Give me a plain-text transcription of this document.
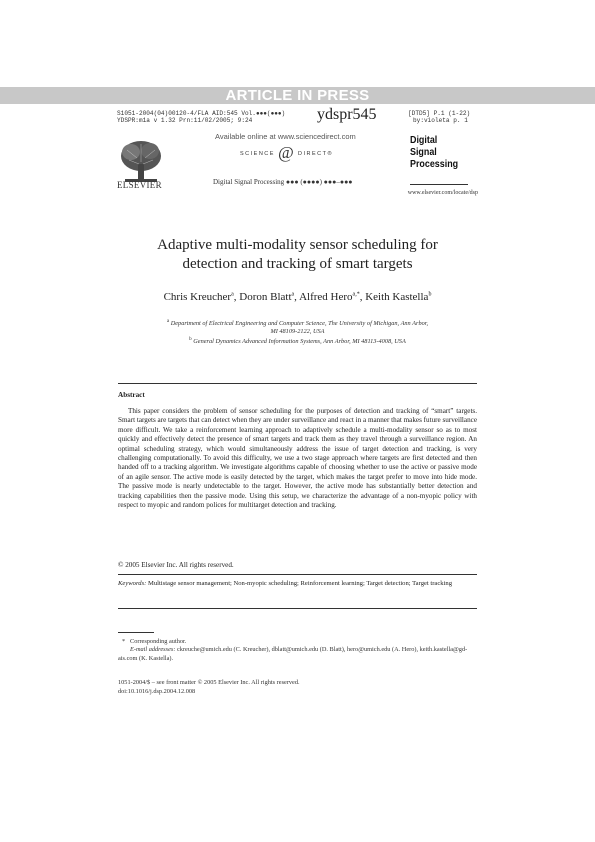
ARTICLE IN PRESS
S1051-2004(04)00120-4/FLA AID:545 Vol.●●●(●●●)
YDSPR:m1a v 1.32 Prn:11/02/2005; 9:24	ydspr545	[DTD5] P.1 (1-22)
by:violeta p. 1
ELSEVIER
Available online at www.sciencedirect.com
SCIENCE @ DIRECT®
Digital Signal Processing ●●● (●●●●) ●●●–●●●
Digital
Signal
Processing
www.elsevier.com/locate/dsp
Adaptive multi-modality sensor scheduling for
detection and tracking of smart targets
Chris Kreucher$^a$, Doron Blatt$^a$, Alfred Hero$^{a,*}$, Keith Kastella$^b$
$^a$ Department of Electrical Engineering and Computer Science, The University of Michigan, Ann Arbor,
MI 48109-2122, USA
$^b$ General Dynamics Advanced Information Systems, Ann Arbor, MI 48113-4008, USA
Abstract

This paper considers the problem of sensor scheduling for the purposes of detection and tracking of “smart” targets. Smart targets are targets that can detect when they are under surveillance and react in a manner that makes future surveillance more difficult. We take a reinforcement learning approach to adaptively schedule a multi-modality sensor so as to most quickly and effectively detect the presence of smart targets and track them as they travel through a surveillance region. An optimal scheduling strategy, which would simultaneously address the issue of target detection and tracking, is very challenging computationally. To avoid this difficulty, we use a two stage approach where targets are first detected and then handed off to a tracking algorithm. We investigate algorithms capable of choosing whether to use the active or passive mode of an agile sensor. The active mode is easily detected by the target, which makes the target prefer to move into hide mode. The passive mode is nearly undetectable to the target. However, the active mode has substantially better detection and tracking capabilities then the passive mode. Using this setup, we characterize the advantage of a non-myopic policy with respect to myopic and random polices for multitarget detection and tracking.

© 2005 Elsevier Inc. All rights reserved.
Keywords: Multistage sensor management; Non-myopic scheduling; Reinforcement learning; Target detection; Target tracking
* Corresponding author.
E-mail addresses: ckreuche@umich.edu (C. Kreucher), dblatt@umich.edu (D. Blatt), hero@umich.edu (A. Hero), keith.kastella@gd-ais.com (K. Kastella).
1051-2004/$ – see front matter © 2005 Elsevier Inc. All rights reserved.
doi:10.1016/j.dsp.2004.12.008
